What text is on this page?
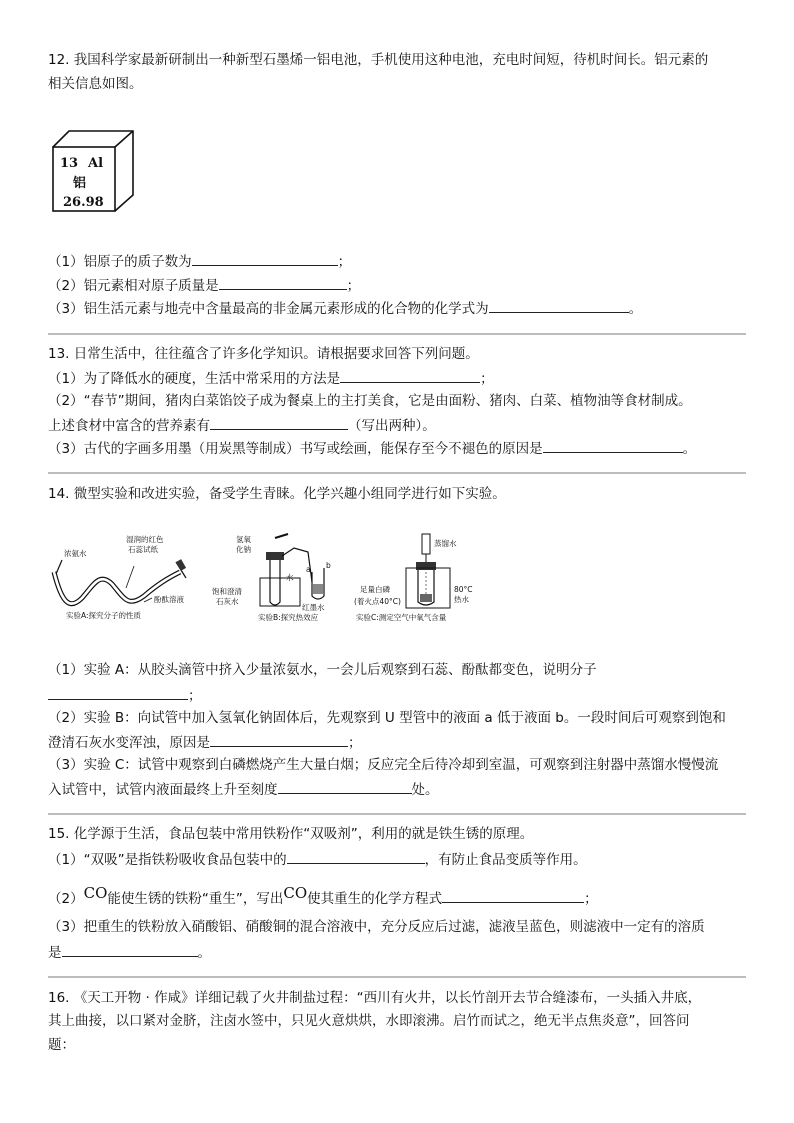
12. 我国科学家最新研制出一种新型石墨烯一铝电池，手机使用这种电池，充电时间短，待机时间长。铝元素的
相关信息如图。
13 Al
铝
26.98
（1）铝原子的质子数为	；
（2）铝元素相对原子质量是	；
（3）铝生活元素与地壳中含量最高的非金属元素形成的化合物的化学式为	。
13. 日常生活中，往往蕴含了许多化学知识。请根据要求回答下列问题。
（1）为了降低水的硬度，生活中常采用的方法是	；
（2）“春节”期间，猪肉白菜馅饺子成为餐桌上的主打美食，它是由面粉、猪肉、白菜、植物油等食材制成。
上述食材中富含的营养素有	（写出两种）。
（3）古代的字画多用墨（用炭黑等制成）书写或绘画，能保存至今不褪色的原因是	。
14. 微型实验和改进实验，备受学生青睐。化学兴趣小组同学进行如下实验。
浓氨水
湿润的红色
石蕊试纸
酚酞溶液
实验A:探究分子的性质
氢氧
化钠
水
a b
饱和澄清
石灰水
红墨水
实验B:探究热效应
蒸馏水
足量白磷
(着火点40°C)
80°C
热水
实验C:测定空气中氧气含量
（1）实验 A：从胶头滴管中挤入少量浓氨水，一会儿后观察到石蕊、酚酞都变色，说明分子
；
（2）实验 B：向试管中加入氢氧化钠固体后，先观察到 U 型管中的液面 a 低于液面 b。一段时间后可观察到饱和
澄清石灰水变浑浊，原因是	；
（3）实验 C：试管中观察到白磷燃烧产生大量白烟；反应完全后待冷却到室温，可观察到注射器中蒸馏水慢慢流
入试管中，试管内液面最终上升至刻度	处。
15. 化学源于生活，食品包装中常用铁粉作“双吸剂”，利用的就是铁生锈的原理。
（1）“双吸”是指铁粉吸收食品包装中的	，有防止食品变质等作用。
（2）CO能使生锈的铁粉“重生”，写出CO使其重生的化学方程式	；
（3）把重生的铁粉放入硝酸铝、硝酸铜的混合溶液中，充分反应后过滤，滤液呈蓝色，则滤液中一定有的溶质
是	。
16. 《天工开物 · 作咸》详细记载了火井制盐过程：“西川有火井，以长竹剖开去节合缝漆布，一头插入井底，
其上曲接，以口紧对金脐，注卤水签中，只见火意烘烘，水即滚沸。启竹而试之，绝无半点焦炎意”，回答问
题：
